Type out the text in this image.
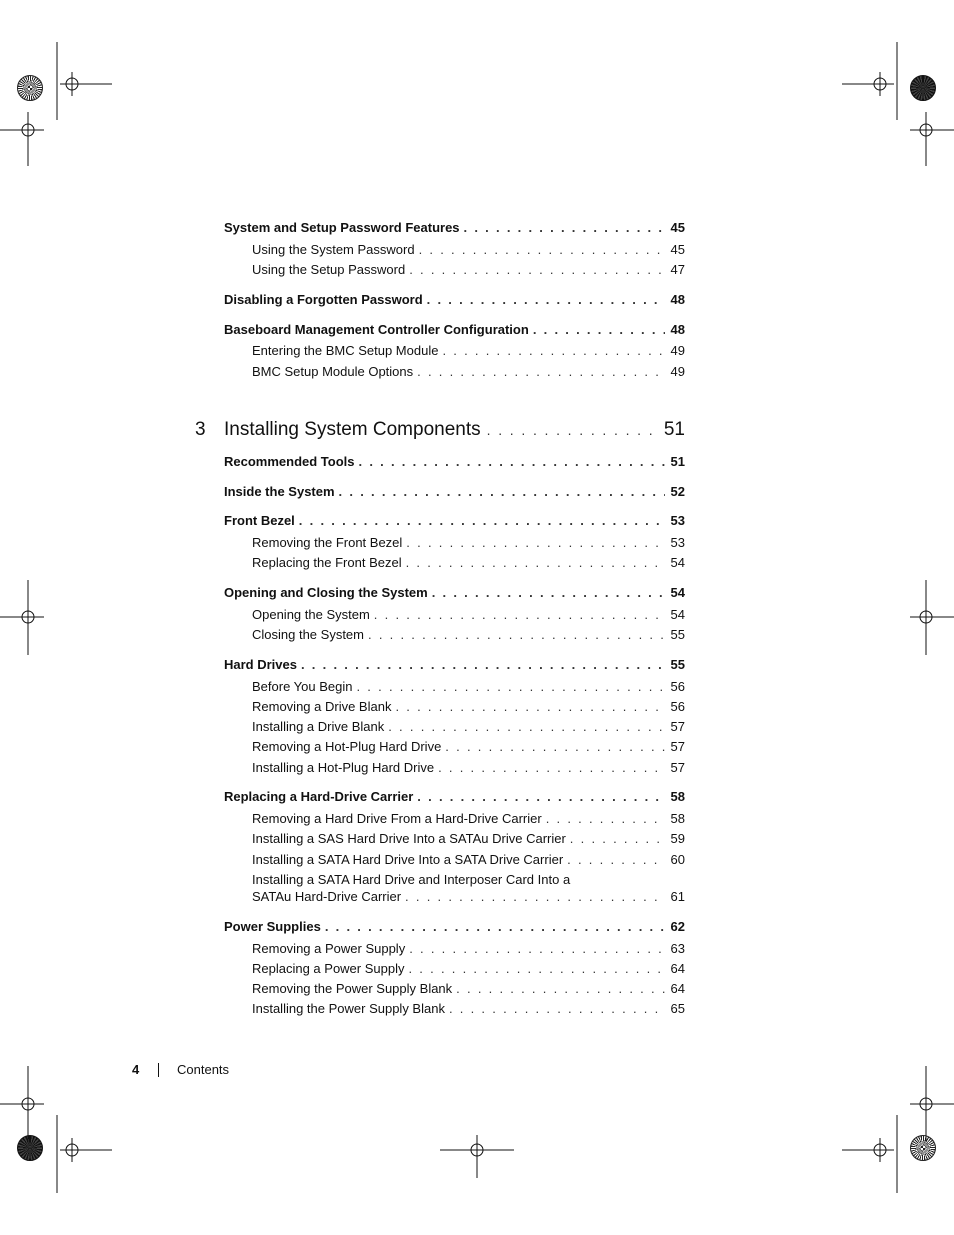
System and Setup Password Features . . .	45
Using the System Password . . .	45
Using the Setup Password . . .	47
Disabling a Forgotten Password . . .	48
Baseboard Management Controller Configuration . . .	48
Entering the BMC Setup Module . . .	49
BMC Setup Module Options . . .	49
3 Installing System Components . . .	51
Recommended Tools . . .	51
Inside the System . . .	52
Front Bezel . . .	53
Removing the Front Bezel . . .	53
Replacing the Front Bezel . . .	54
Opening and Closing the System . . .	54
Opening the System . . .	54
Closing the System . . .	55
Hard Drives . . .	55
Before You Begin . . .	56
Removing a Drive Blank . . .	56
Installing a Drive Blank . . .	57
Removing a Hot-Plug Hard Drive . . .	57
Installing a Hot-Plug Hard Drive . . .	57
Replacing a Hard-Drive Carrier . . .	58
Removing a Hard Drive From a Hard-Drive Carrier . . .	58
Installing a SAS Hard Drive Into a SATAu Drive Carrier . . .	59
Installing a SATA Hard Drive Into a SATA Drive Carrier . . .	60
Installing a SATA Hard Drive and Interposer Card Into a
SATAu Hard-Drive Carrier . . .	61
Power Supplies . . .	62
Removing a Power Supply . . .	63
Replacing a Power Supply . . .	64
Removing the Power Supply Blank . . .	64
Installing the Power Supply Blank . . .	65
4	Contents
